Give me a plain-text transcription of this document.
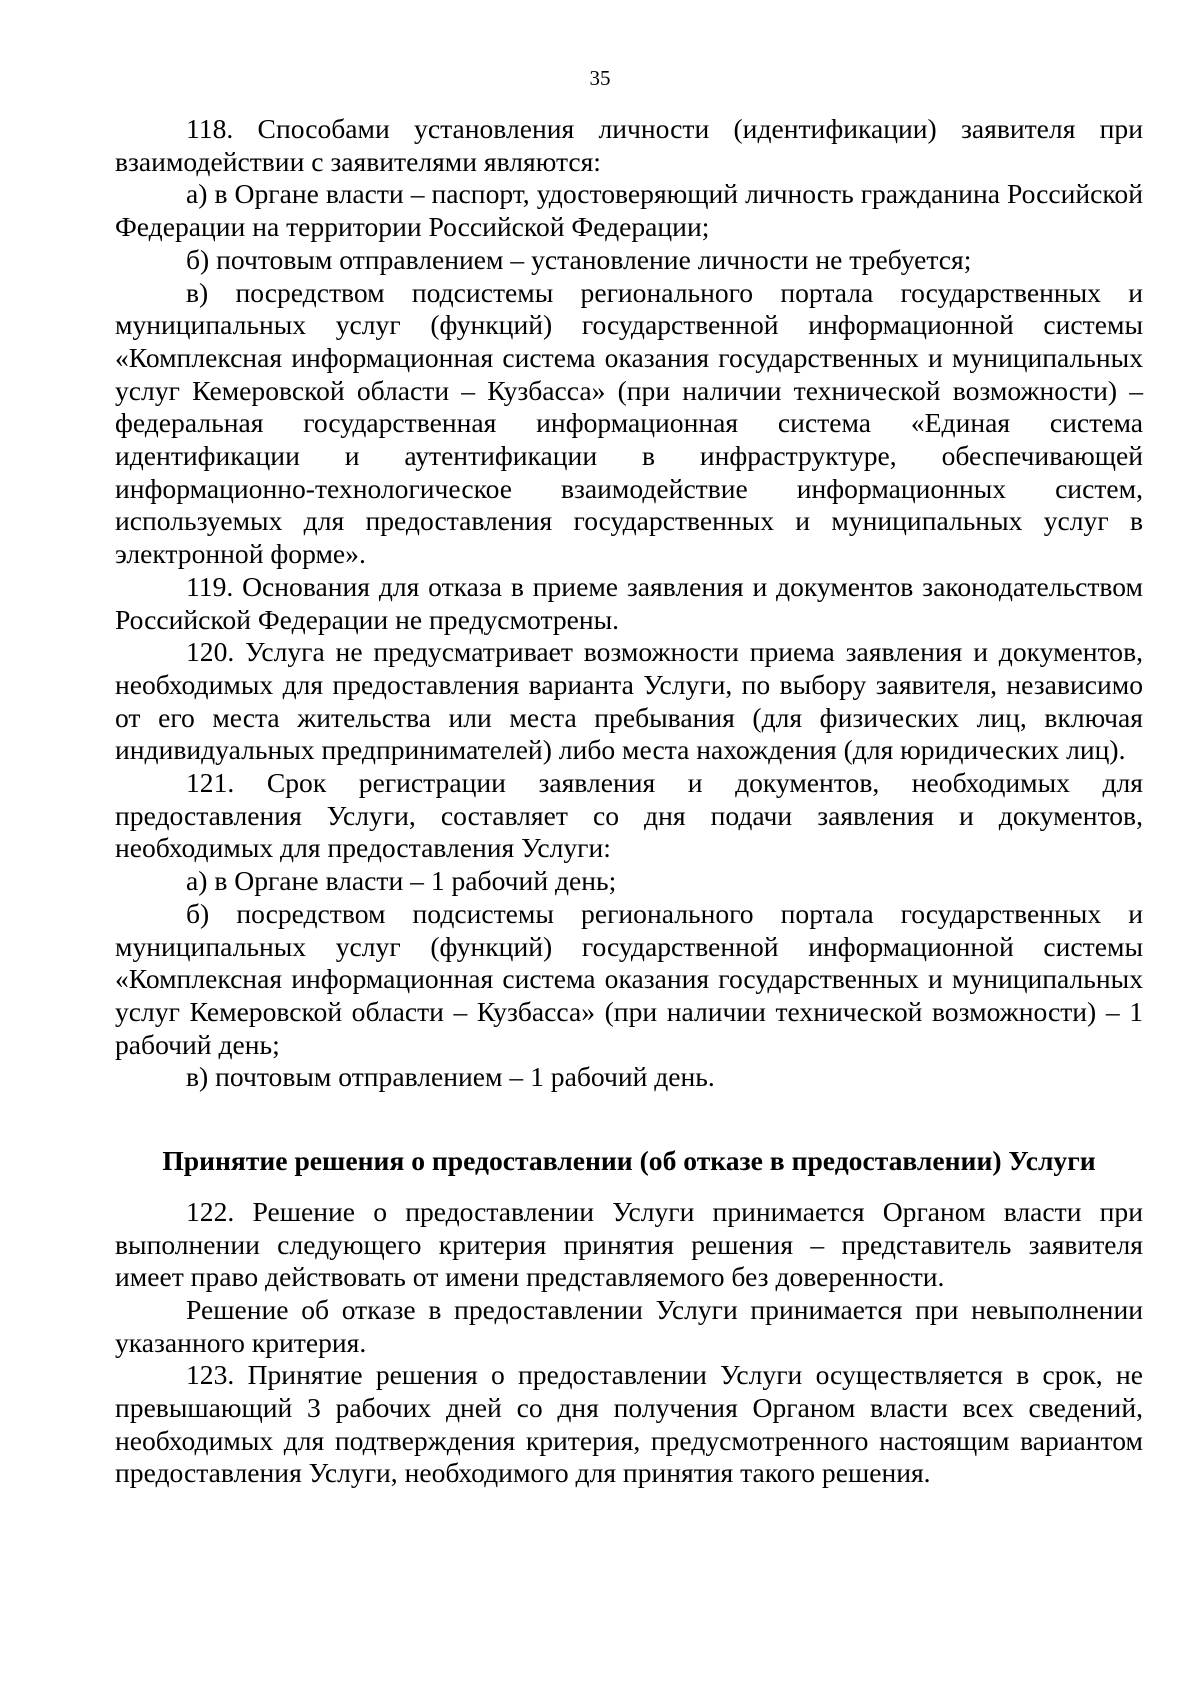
35

118. Способами установления личности (идентификации) заявителя при взаимодействии с заявителями являются:

а) в Органе власти – паспорт, удостоверяющий личность гражданина Российской Федерации на территории Российской Федерации;

б) почтовым отправлением – установление личности не требуется;

в) посредством подсистемы регионального портала государственных и муниципальных услуг (функций) государственной информационной системы «Комплексная информационная система оказания государственных и муниципальных услуг Кемеровской области – Кузбасса» (при наличии технической возможности) – федеральная государственная информационная система «Единая система идентификации и аутентификации в инфраструктуре, обеспечивающей информационно-технологическое взаимодействие информационных систем, используемых для предоставления государственных и муниципальных услуг в электронной форме».

119. Основания для отказа в приеме заявления и документов законодательством Российской Федерации не предусмотрены.

120. Услуга не предусматривает возможности приема заявления и документов, необходимых для предоставления варианта Услуги, по выбору заявителя, независимо от его места жительства или места пребывания (для физических лиц, включая индивидуальных предпринимателей) либо места нахождения (для юридических лиц).

121. Срок регистрации заявления и документов, необходимых для предоставления Услуги, составляет со дня подачи заявления и документов, необходимых для предоставления Услуги:

а) в Органе власти – 1 рабочий день;

б) посредством подсистемы регионального портала государственных и муниципальных услуг (функций) государственной информационной системы «Комплексная информационная система оказания государственных и муниципальных услуг Кемеровской области – Кузбасса» (при наличии технической возможности) – 1 рабочий день;

в) почтовым отправлением – 1 рабочий день.

Принятие решения о предоставлении (об отказе в предоставлении) Услуги

122. Решение о предоставлении Услуги принимается Органом власти при выполнении следующего критерия принятия решения – представитель заявителя имеет право действовать от имени представляемого без доверенности.

Решение об отказе в предоставлении Услуги принимается при невыполнении указанного критерия.

123. Принятие решения о предоставлении Услуги осуществляется в срок, не превышающий 3 рабочих дней со дня получения Органом власти всех сведений, необходимых для подтверждения критерия, предусмотренного настоящим вариантом предоставления Услуги, необходимого для принятия такого решения.
